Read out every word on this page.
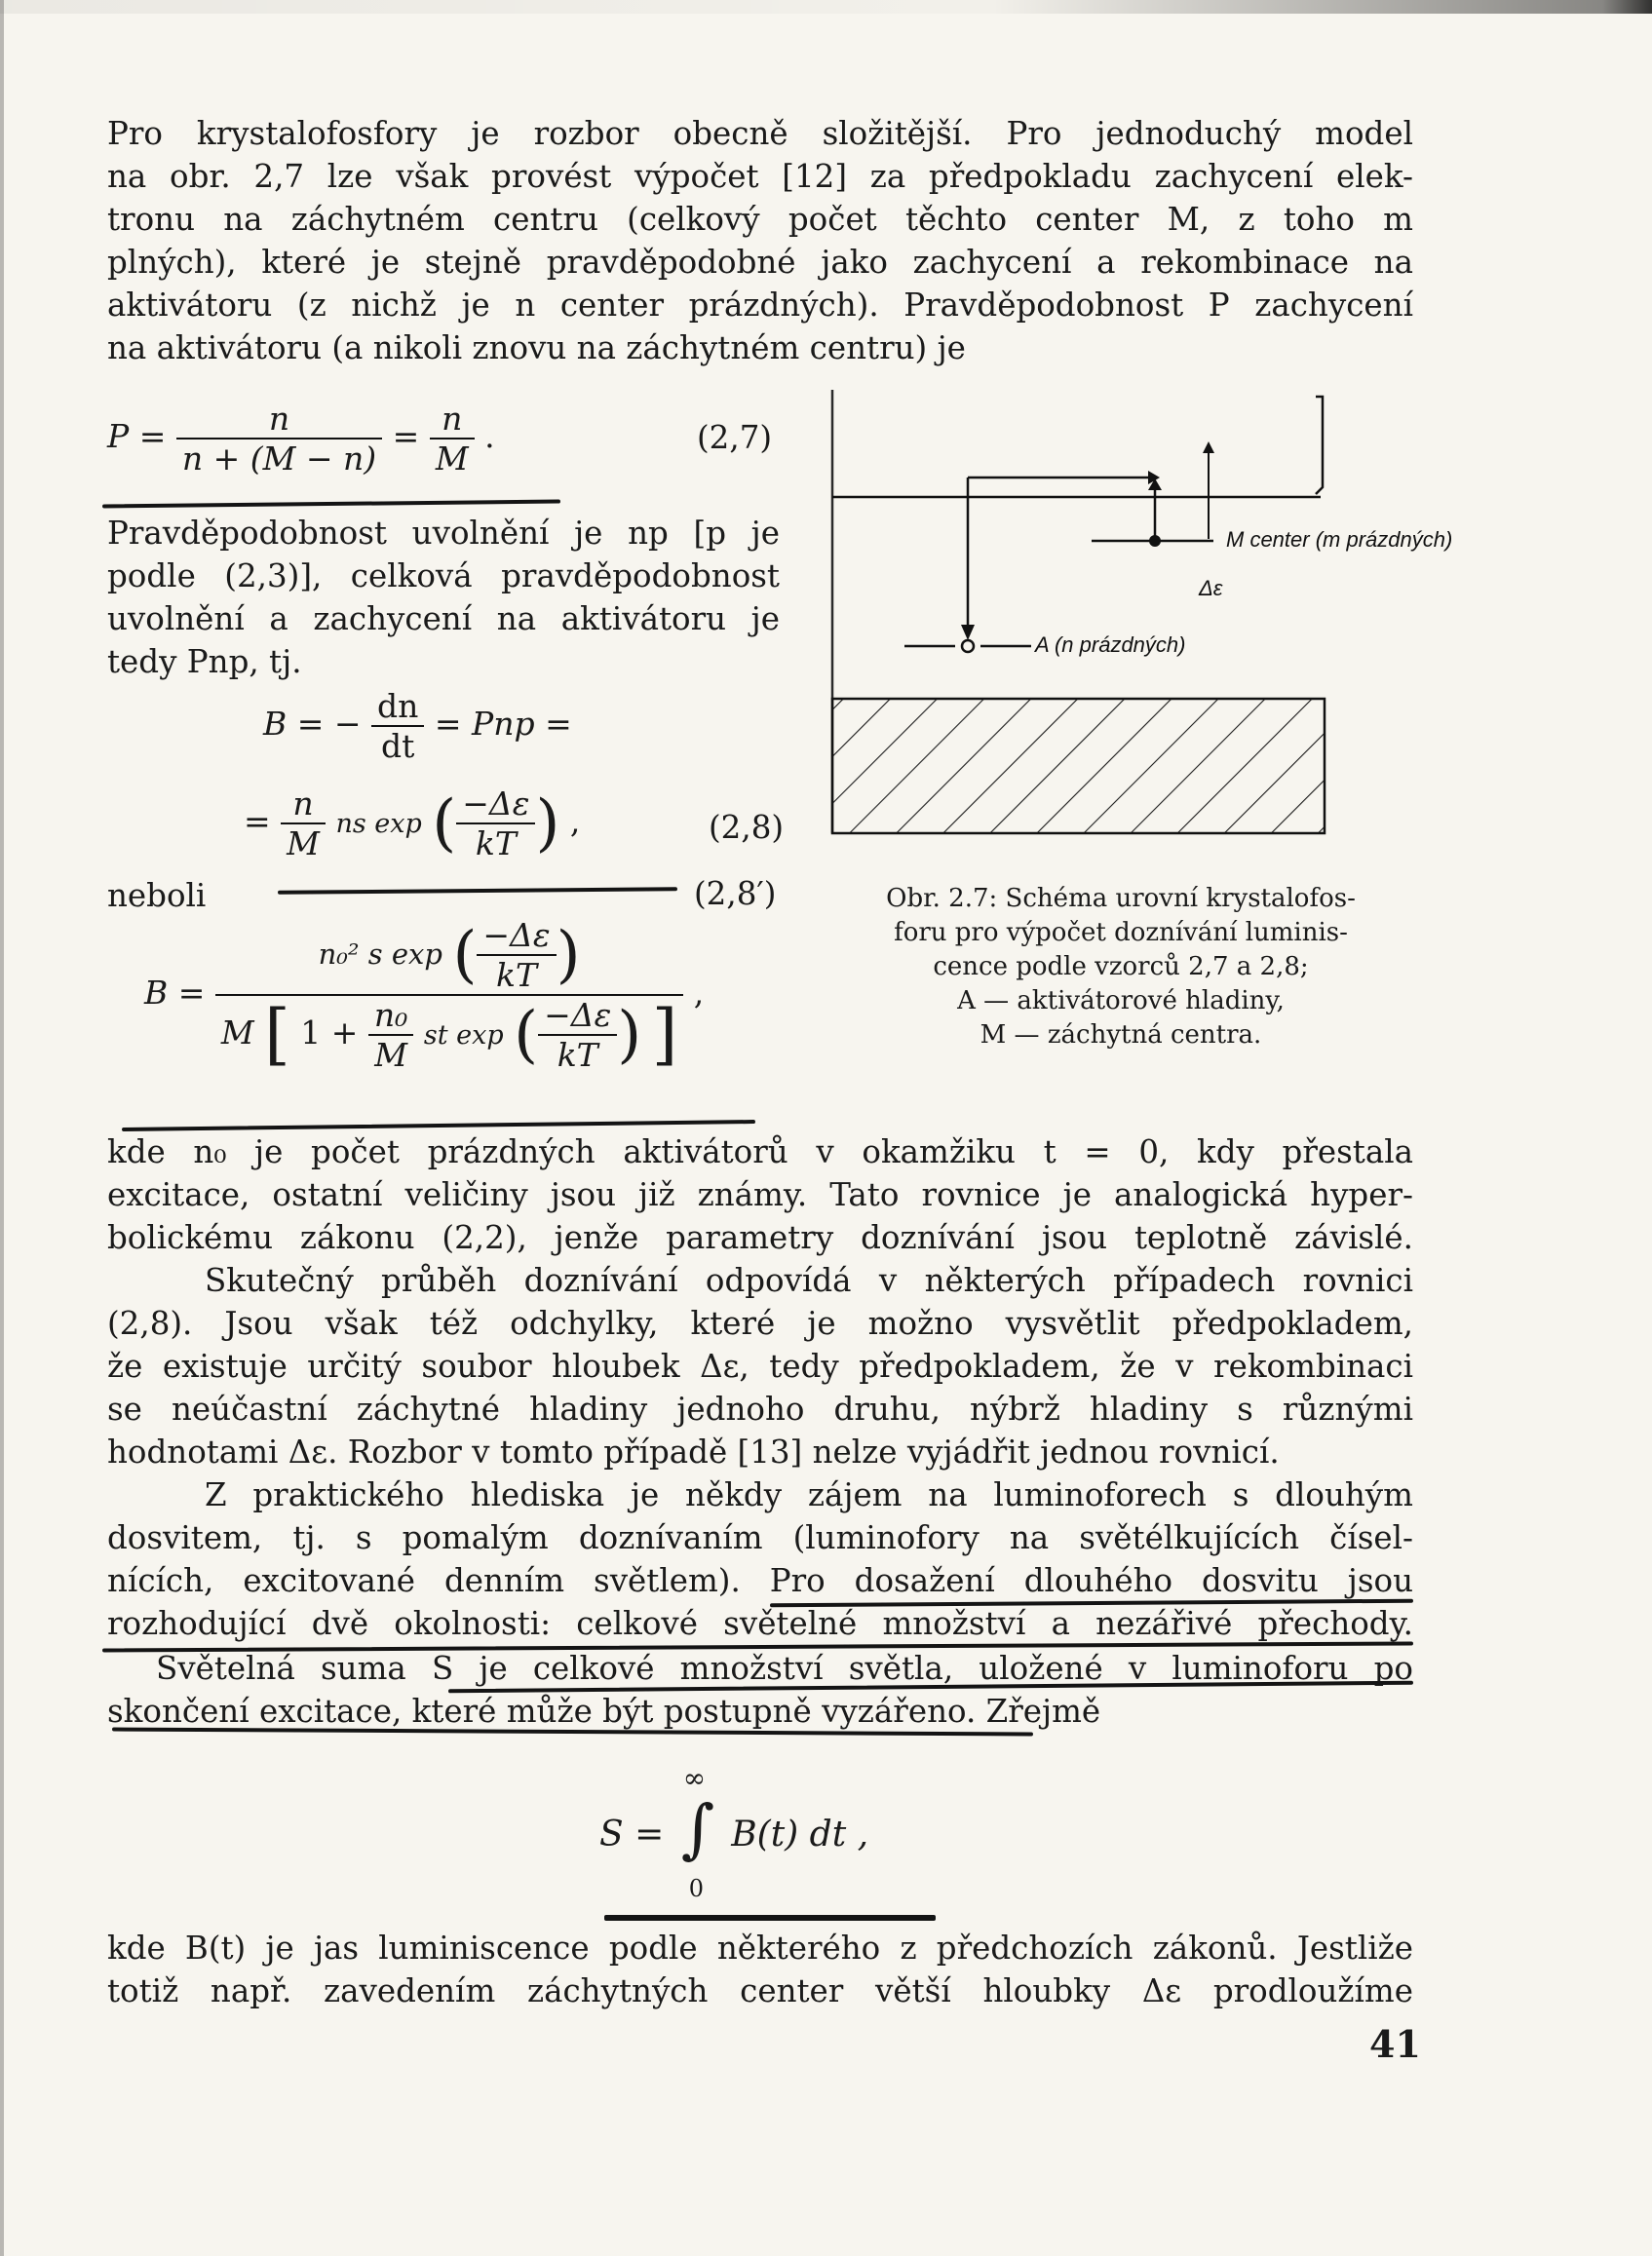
Pro krystalofosfory je rozbor obecně složitější. Pro jednoduchý model
na obr. 2,7 lze však provést výpočet [12] za předpokladu zachycení elek-
tronu na záchytném centru (celkový počet těchto center M, z toho m
plných), které je stejně pravděpodobné jako zachycení a rekombinace na
aktivátoru (z nichž je n center prázdných). Pravděpodobnost P zachycení
na aktivátoru (a nikoli znovu na záchytném centru) je
$P = \frac{n}{n + (M - n)} = \frac{n}{M}$ .	(2,7)
Pravděpodobnost uvolnění je np [p je
podle (2,3)], celková pravděpodobnost
uvolnění a zachycení na aktivátoru je
tedy Pnp, tj.
B = − $\frac{dn}{dt}$ = Pnp =
= $\frac{n}{M}$ ns exp ( $\frac{-\Delta\varepsilon}{kT}$ ) ,	(2,8)
neboli	(2,8′)
B =
n₀² s exp ( $\frac{-\Delta\varepsilon}{kT}$ )
M [ $1 + \frac{\text{n₀}}{M}$ st exp ( $\frac{-\Delta\varepsilon}{kT}$ ) ]
,
M center (m prázdných)
Δε
A (n prázdných)
Obr. 2.7: Schéma urovní krystalofos-
foru pro výpočet doznívání luminis-
cence podle vzorců 2,7 a 2,8;
A — aktivátorové hladiny,
M — záchytná centra.
kde n₀ je počet prázdných aktivátorů v okamžiku t = 0, kdy přestala
excitace, ostatní veličiny jsou již známy. Tato rovnice je analogická hyper-
bolickému zákonu (2,2), jenže parametry doznívání jsou teplotně závislé.
Skutečný průběh doznívání odpovídá v některých případech rovnici
(2,8). Jsou však též odchylky, které je možno vysvětlit předpokladem,
že existuje určitý soubor hloubek Δε, tedy předpokladem, že v rekombinaci
se neúčastní záchytné hladiny jednoho druhu, nýbrž hladiny s různými
hodnotami Δε. Rozbor v tomto případě [13] nelze vyjádřit jednou rovnicí.
Z praktického hlediska je někdy zájem na luminoforech s dlouhým
dosvitem, tj. s pomalým doznívaním (luminofory na světélkujících čísel-
nících, excitované denním světlem). Pro dosažení dlouhého dosvitu jsou
rozhodující dvě okolnosti: celkové světelné množství a nezářivé přechody.
Světelná suma S je celkové množství světla, uložené v luminoforu po
skončení excitace, které může být postupně vyzářeno. Zřejmě
S =
∞
∫
0
B(t) dt ,
kde B(t) je jas luminiscence podle některého z předchozích zákonů. Jestliže
totiž např. zavedením záchytných center větší hloubky Δε prodloužíme
41
